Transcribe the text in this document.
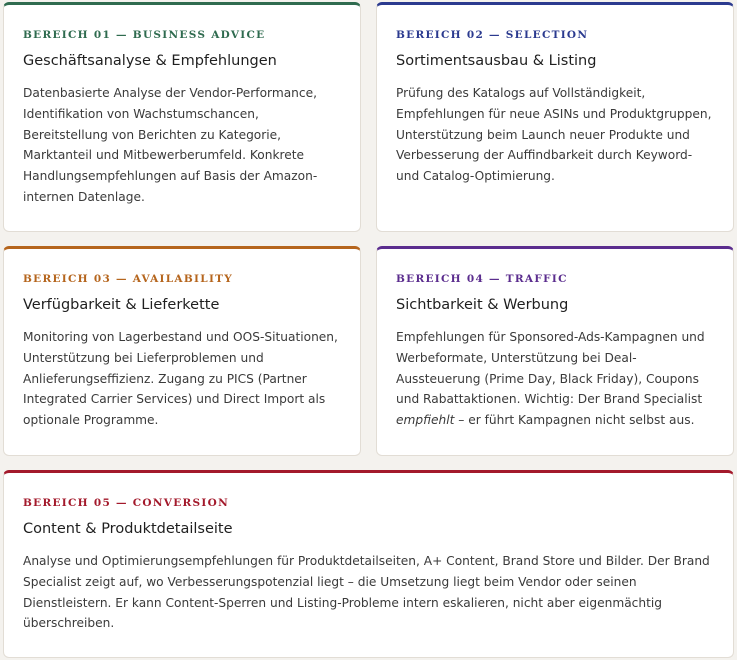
BEREICH 01 — BUSINESS ADVICE
Geschäftsanalyse & Empfehlungen

Datenbasierte Analyse der Vendor-Performance, Identifikation von Wachstumschancen, Bereitstellung von Berichten zu Kategorie, Marktanteil und Mitbewerberumfeld. Konkrete Handlungsempfehlungen auf Basis der Amazon-internen Datenlage.

BEREICH 02 — SELECTION
Sortimentsausbau & Listing

Prüfung des Katalogs auf Vollständigkeit, Empfehlungen für neue ASINs und Produktgruppen, Unterstützung beim Launch neuer Produkte und Verbesserung der Auffindbarkeit durch Keyword- und Catalog-Optimierung.

BEREICH 03 — AVAILABILITY
Verfügbarkeit & Lieferkette

Monitoring von Lagerbestand und OOS-Situationen, Unterstützung bei Lieferproblemen und Anlieferungseffizienz. Zugang zu PICS (Partner Integrated Carrier Services) und Direct Import als optionale Programme.

BEREICH 04 — TRAFFIC
Sichtbarkeit & Werbung

Empfehlungen für Sponsored-Ads-Kampagnen und Werbeformate, Unterstützung bei Deal-Aussteuerung (Prime Day, Black Friday), Coupons und Rabattaktionen. Wichtig: Der Brand Specialist empfiehlt – er führt Kampagnen nicht selbst aus.

BEREICH 05 — CONVERSION
Content & Produktdetailseite

Analyse und Optimierungsempfehlungen für Produktdetailseiten, A+ Content, Brand Store und Bilder. Der Brand Specialist zeigt auf, wo Verbesserungspotenzial liegt – die Umsetzung liegt beim Vendor oder seinen Dienstleistern. Er kann Content-Sperren und Listing-Probleme intern eskalieren, nicht aber eigenmächtig überschreiben.
